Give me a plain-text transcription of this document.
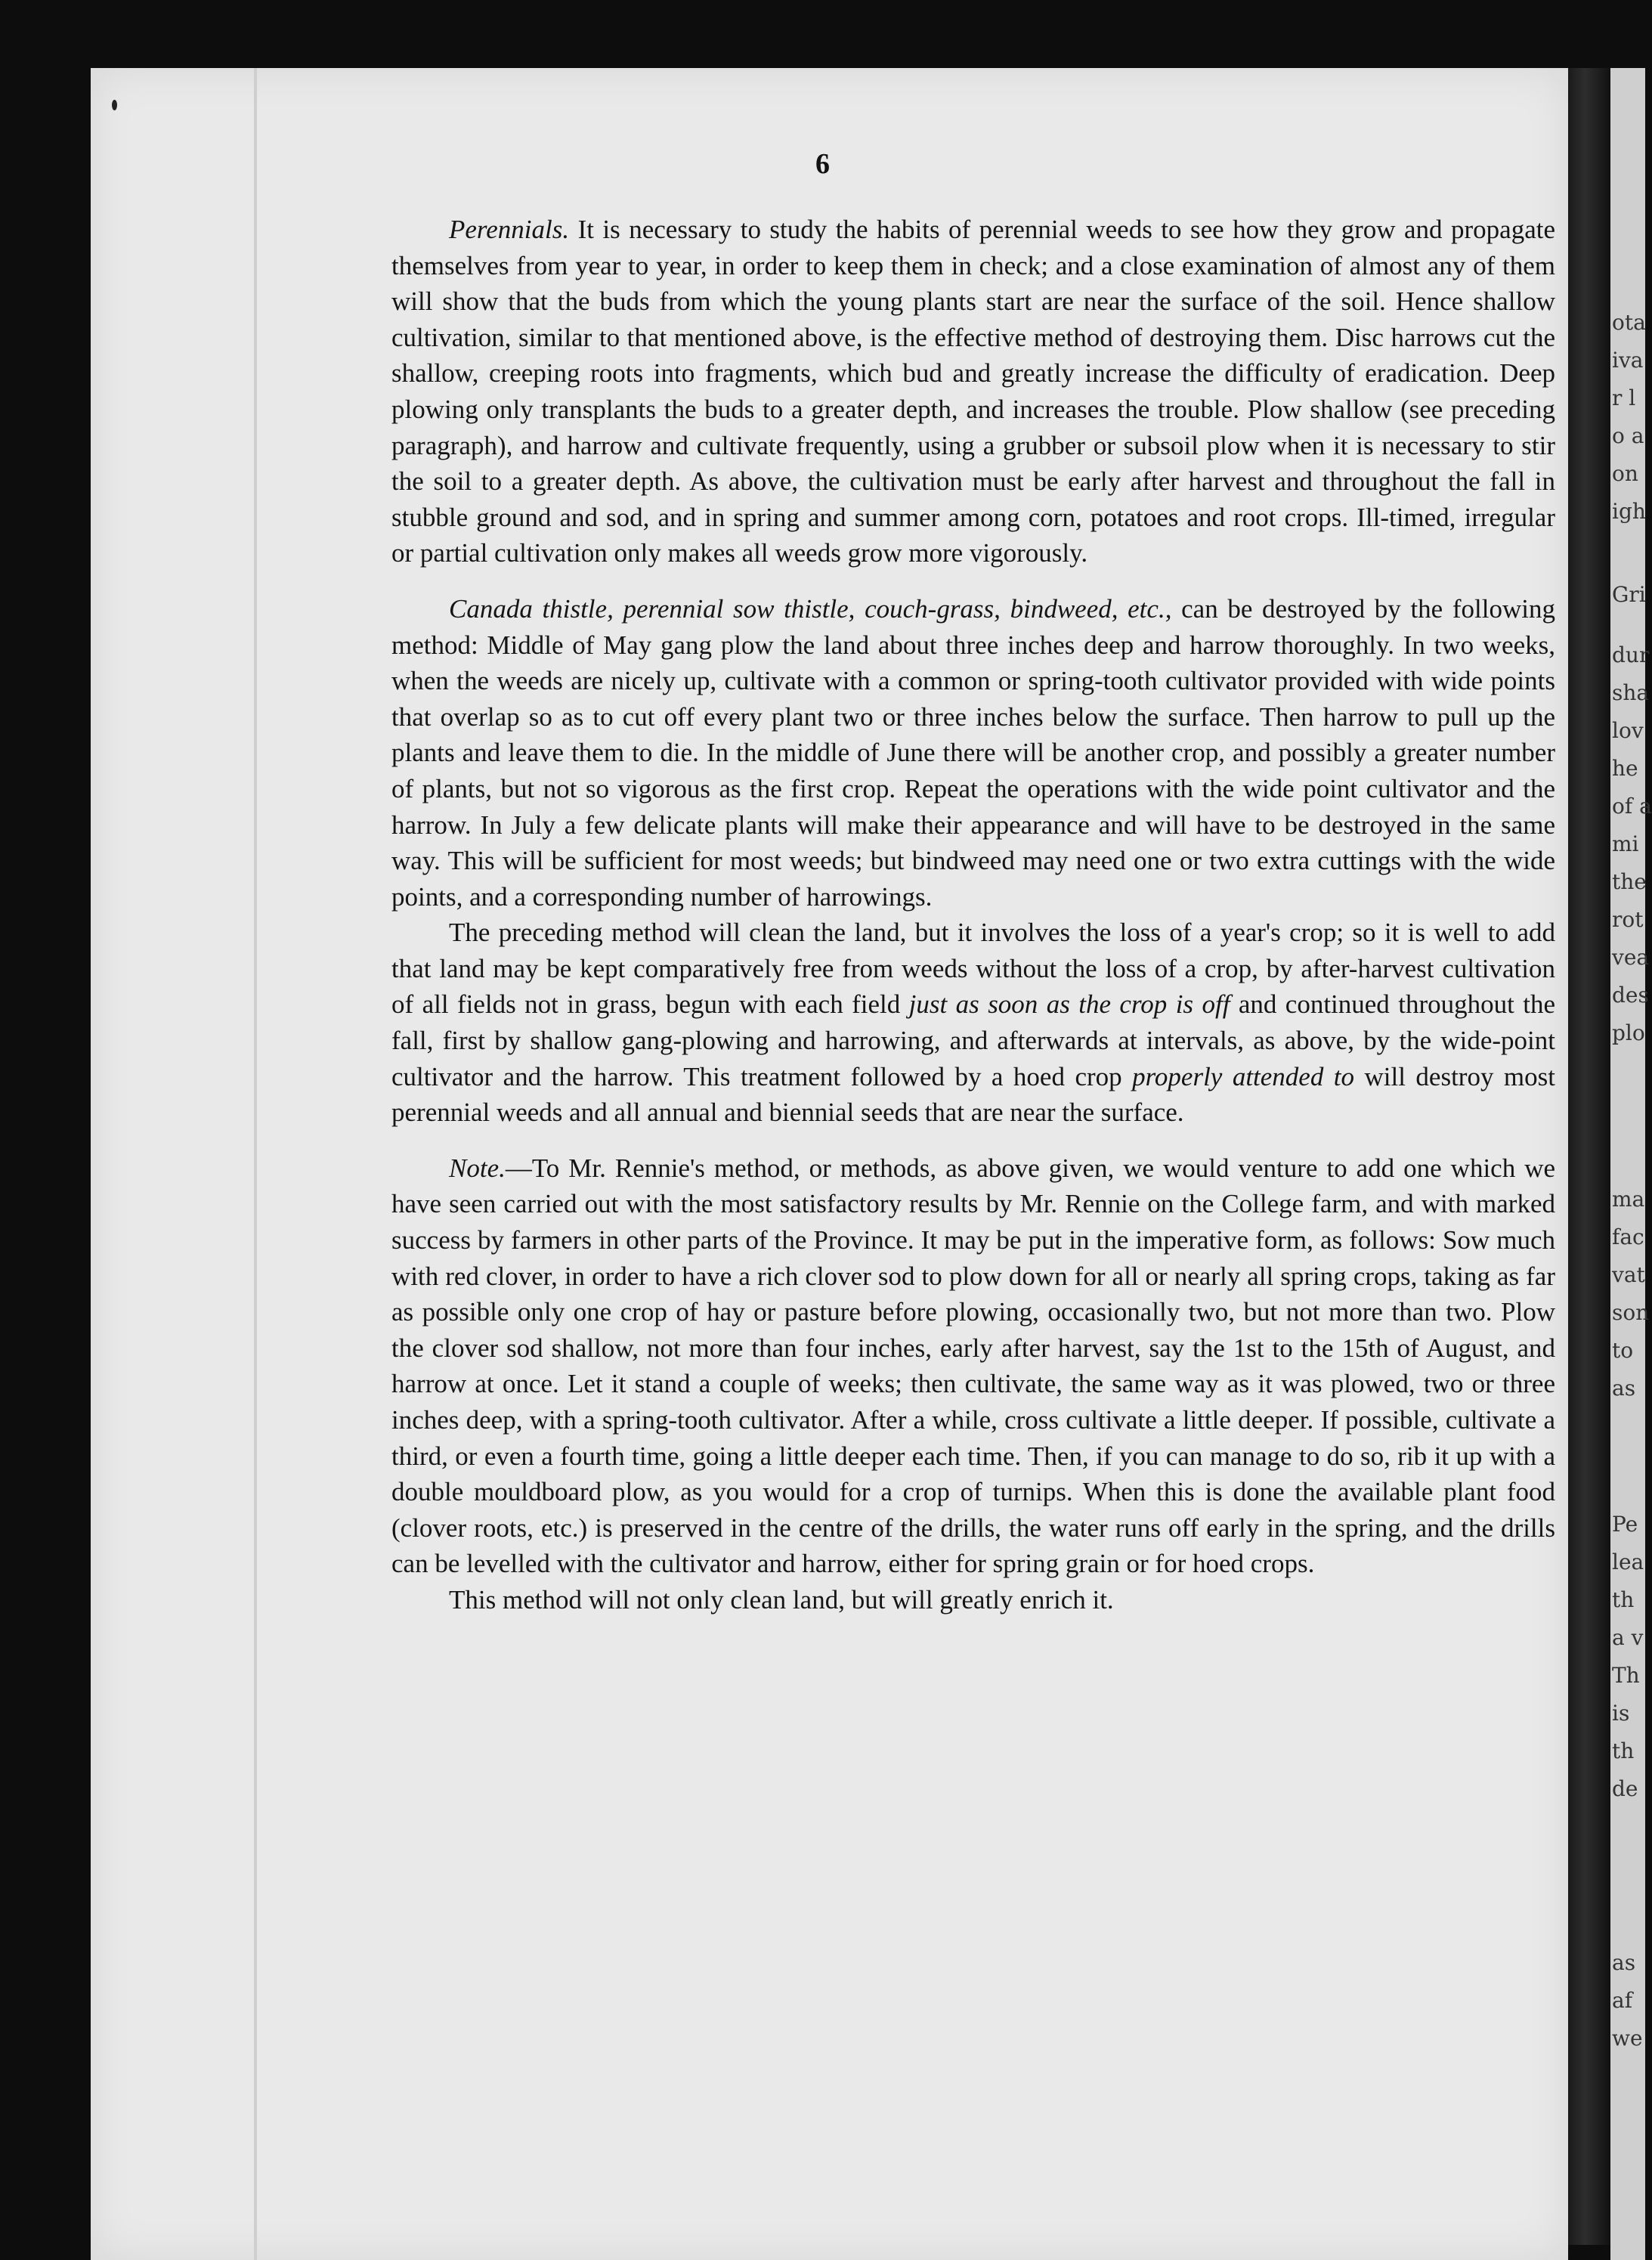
ota
iva
r l
o a
on
igh
Gri
dur
sha
lov
he
of a
mi
the
rot
vea
des
plo
ma
fac
vat
son
to
as
Pe
lea
th
a v
Th
is
th
de
as
af
we
6

Perennials. It is necessary to study the habits of perennial weeds to see how they grow and propagate themselves from year to year, in order to keep them in check; and a close examination of almost any of them will show that the buds from which the young plants start are near the surface of the soil. Hence shallow cultivation, similar to that mentioned above, is the effective method of destroying them. Disc harrows cut the shallow, creeping roots into fragments, which bud and greatly increase the difficulty of eradication. Deep plowing only transplants the buds to a greater depth, and increases the trouble. Plow shallow (see preceding paragraph), and harrow and cultivate frequently, using a grubber or subsoil plow when it is necessary to stir the soil to a greater depth. As above, the cultivation must be early after harvest and throughout the fall in stubble ground and sod, and in spring and summer among corn, potatoes and root crops. Ill-timed, irregular or partial cultivation only makes all weeds grow more vigorously.

Canada thistle, perennial sow thistle, couch-grass, bindweed, etc., can be destroyed by the following method: Middle of May gang plow the land about three inches deep and harrow thoroughly. In two weeks, when the weeds are nicely up, cultivate with a common or spring-tooth cultivator provided with wide points that overlap so as to cut off every plant two or three inches below the surface. Then harrow to pull up the plants and leave them to die. In the middle of June there will be another crop, and possibly a greater number of plants, but not so vigorous as the first crop. Repeat the operations with the wide point cultivator and the harrow. In July a few delicate plants will make their appearance and will have to be destroyed in the same way. This will be sufficient for most weeds; but bindweed may need one or two extra cuttings with the wide points, and a corresponding number of harrowings.

The preceding method will clean the land, but it involves the loss of a year's crop; so it is well to add that land may be kept comparatively free from weeds without the loss of a crop, by after-harvest cultivation of all fields not in grass, begun with each field just as soon as the crop is off and continued throughout the fall, first by shallow gang-plowing and harrowing, and afterwards at intervals, as above, by the wide-point cultivator and the harrow. This treatment followed by a hoed crop properly attended to will destroy most perennial weeds and all annual and biennial seeds that are near the surface.

Note.—To Mr. Rennie's method, or methods, as above given, we would venture to add one which we have seen carried out with the most satisfactory results by Mr. Rennie on the College farm, and with marked success by farmers in other parts of the Province. It may be put in the imperative form, as follows: Sow much with red clover, in order to have a rich clover sod to plow down for all or nearly all spring crops, taking as far as possible only one crop of hay or pasture before plowing, occasionally two, but not more than two. Plow the clover sod shallow, not more than four inches, early after harvest, say the 1st to the 15th of August, and harrow at once. Let it stand a couple of weeks; then cultivate, the same way as it was plowed, two or three inches deep, with a spring-tooth cultivator. After a while, cross cultivate a little deeper. If possible, cultivate a third, or even a fourth time, going a little deeper each time. Then, if you can manage to do so, rib it up with a double mouldboard plow, as you would for a crop of turnips. When this is done the available plant food (clover roots, etc.) is preserved in the centre of the drills, the water runs off early in the spring, and the drills can be levelled with the cultivator and harrow, either for spring grain or for hoed crops.

This method will not only clean land, but will greatly enrich it.
